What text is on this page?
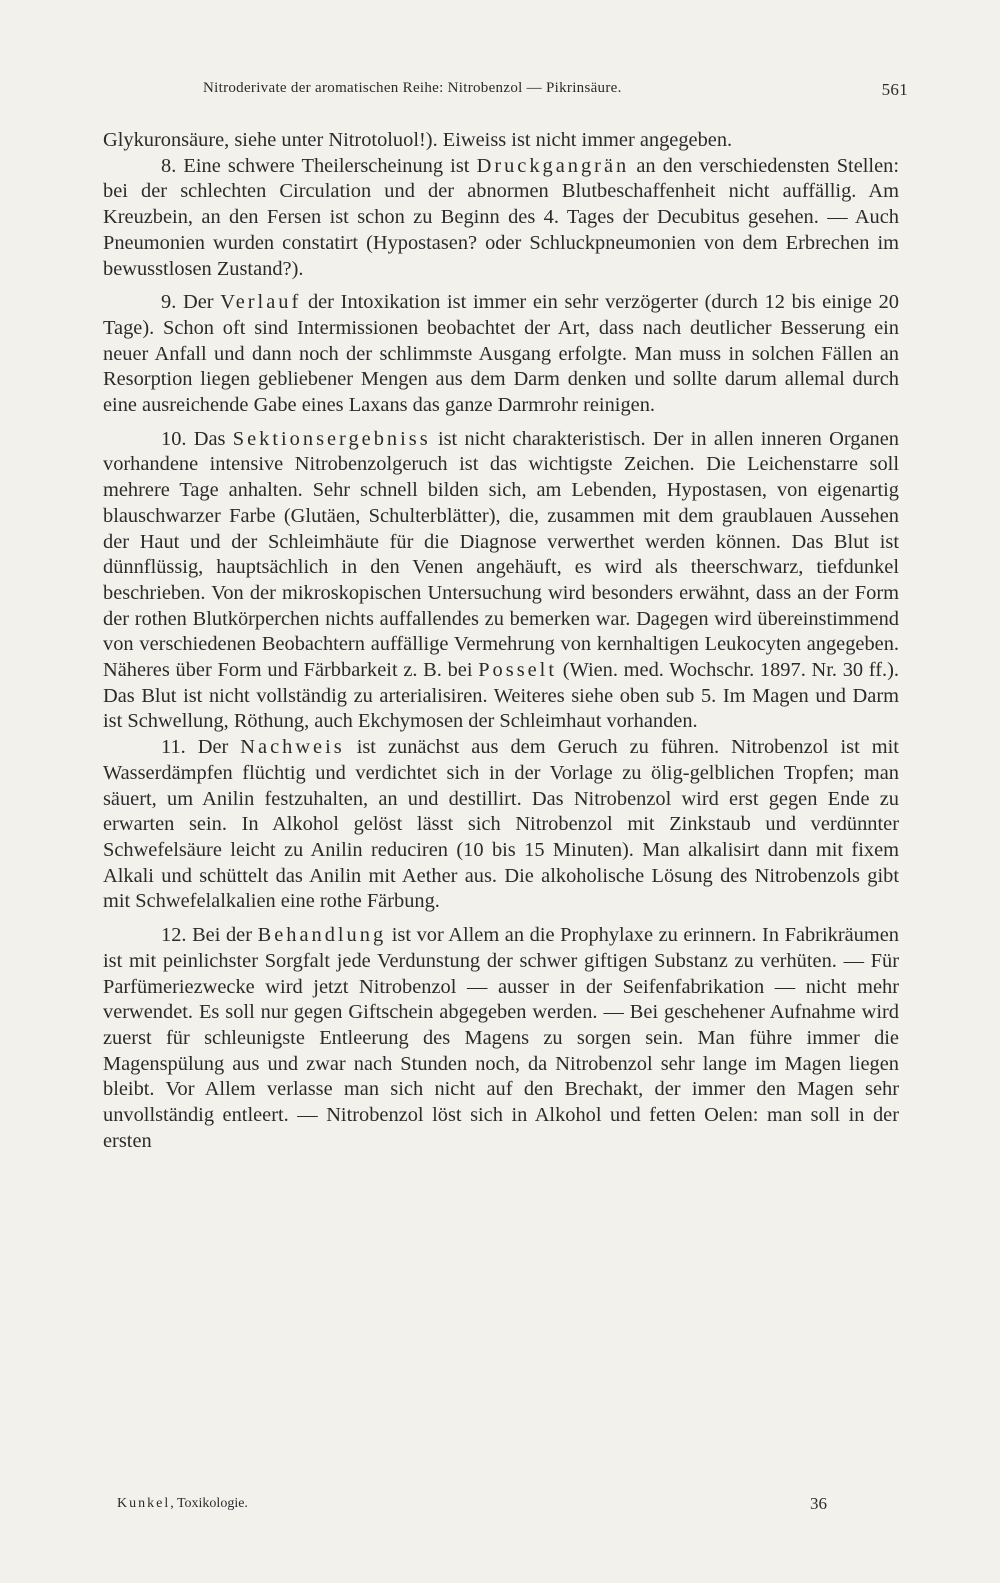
Nitroderivate der aromatischen Reihe: Nitrobenzol — Pikrinsäure.	561

Glykuronsäure, siehe unter Nitrotoluol!). Eiweiss ist nicht immer angegeben.

8. Eine schwere Theilerscheinung ist Druckgangrän an den verschiedensten Stellen: bei der schlechten Circulation und der abnormen Blutbeschaffenheit nicht auffällig. Am Kreuzbein, an den Fersen ist schon zu Beginn des 4. Tages der Decubitus gesehen. — Auch Pneumonien wurden constatirt (Hypostasen? oder Schluckpneumonien von dem Erbrechen im bewusstlosen Zustand?).

9. Der Verlauf der Intoxikation ist immer ein sehr verzögerter (durch 12 bis einige 20 Tage). Schon oft sind Intermissionen beobachtet der Art, dass nach deutlicher Besserung ein neuer Anfall und dann noch der schlimmste Ausgang erfolgte. Man muss in solchen Fällen an Resorption liegen gebliebener Mengen aus dem Darm denken und sollte darum allemal durch eine ausreichende Gabe eines Laxans das ganze Darmrohr reinigen.

10. Das Sektionsergebniss ist nicht charakteristisch. Der in allen inneren Organen vorhandene intensive Nitrobenzolgeruch ist das wichtigste Zeichen. Die Leichenstarre soll mehrere Tage anhalten. Sehr schnell bilden sich, am Lebenden, Hypostasen, von eigenartig blauschwarzer Farbe (Glutäen, Schulterblätter), die, zusammen mit dem graublauen Aussehen der Haut und der Schleimhäute für die Diagnose verwerthet werden können. Das Blut ist dünnflüssig, hauptsächlich in den Venen angehäuft, es wird als theerschwarz, tiefdunkel beschrieben. Von der mikroskopischen Untersuchung wird besonders erwähnt, dass an der Form der rothen Blutkörperchen nichts auffallendes zu bemerken war. Dagegen wird übereinstimmend von verschiedenen Beobachtern auffällige Vermehrung von kernhaltigen Leukocyten angegeben. Näheres über Form und Färbbarkeit z. B. bei Posselt (Wien. med. Wochschr. 1897. Nr. 30 ff.). Das Blut ist nicht vollständig zu arterialisiren. Weiteres siehe oben sub 5. Im Magen und Darm ist Schwellung, Röthung, auch Ekchymosen der Schleimhaut vorhanden.

11. Der Nachweis ist zunächst aus dem Geruch zu führen. Nitrobenzol ist mit Wasserdämpfen flüchtig und verdichtet sich in der Vorlage zu ölig-gelblichen Tropfen; man säuert, um Anilin festzuhalten, an und destillirt. Das Nitrobenzol wird erst gegen Ende zu erwarten sein. In Alkohol gelöst lässt sich Nitrobenzol mit Zinkstaub und verdünnter Schwefelsäure leicht zu Anilin reduciren (10 bis 15 Minuten). Man alkalisirt dann mit fixem Alkali und schüttelt das Anilin mit Aether aus. Die alkoholische Lösung des Nitrobenzols gibt mit Schwefelalkalien eine rothe Färbung.

12. Bei der Behandlung ist vor Allem an die Prophylaxe zu erinnern. In Fabrikräumen ist mit peinlichster Sorgfalt jede Verdunstung der schwer giftigen Substanz zu verhüten. — Für Parfümeriezwecke wird jetzt Nitrobenzol — ausser in der Seifenfabrikation — nicht mehr verwendet. Es soll nur gegen Giftschein abgegeben werden. — Bei geschehener Aufnahme wird zuerst für schleunigste Entleerung des Magens zu sorgen sein. Man führe immer die Magenspülung aus und zwar nach Stunden noch, da Nitrobenzol sehr lange im Magen liegen bleibt. Vor Allem verlasse man sich nicht auf den Brechakt, der immer den Magen sehr unvollständig entleert. — Nitrobenzol löst sich in Alkohol und fetten Oelen: man soll in der ersten

Kunkel, Toxikologie.	36
